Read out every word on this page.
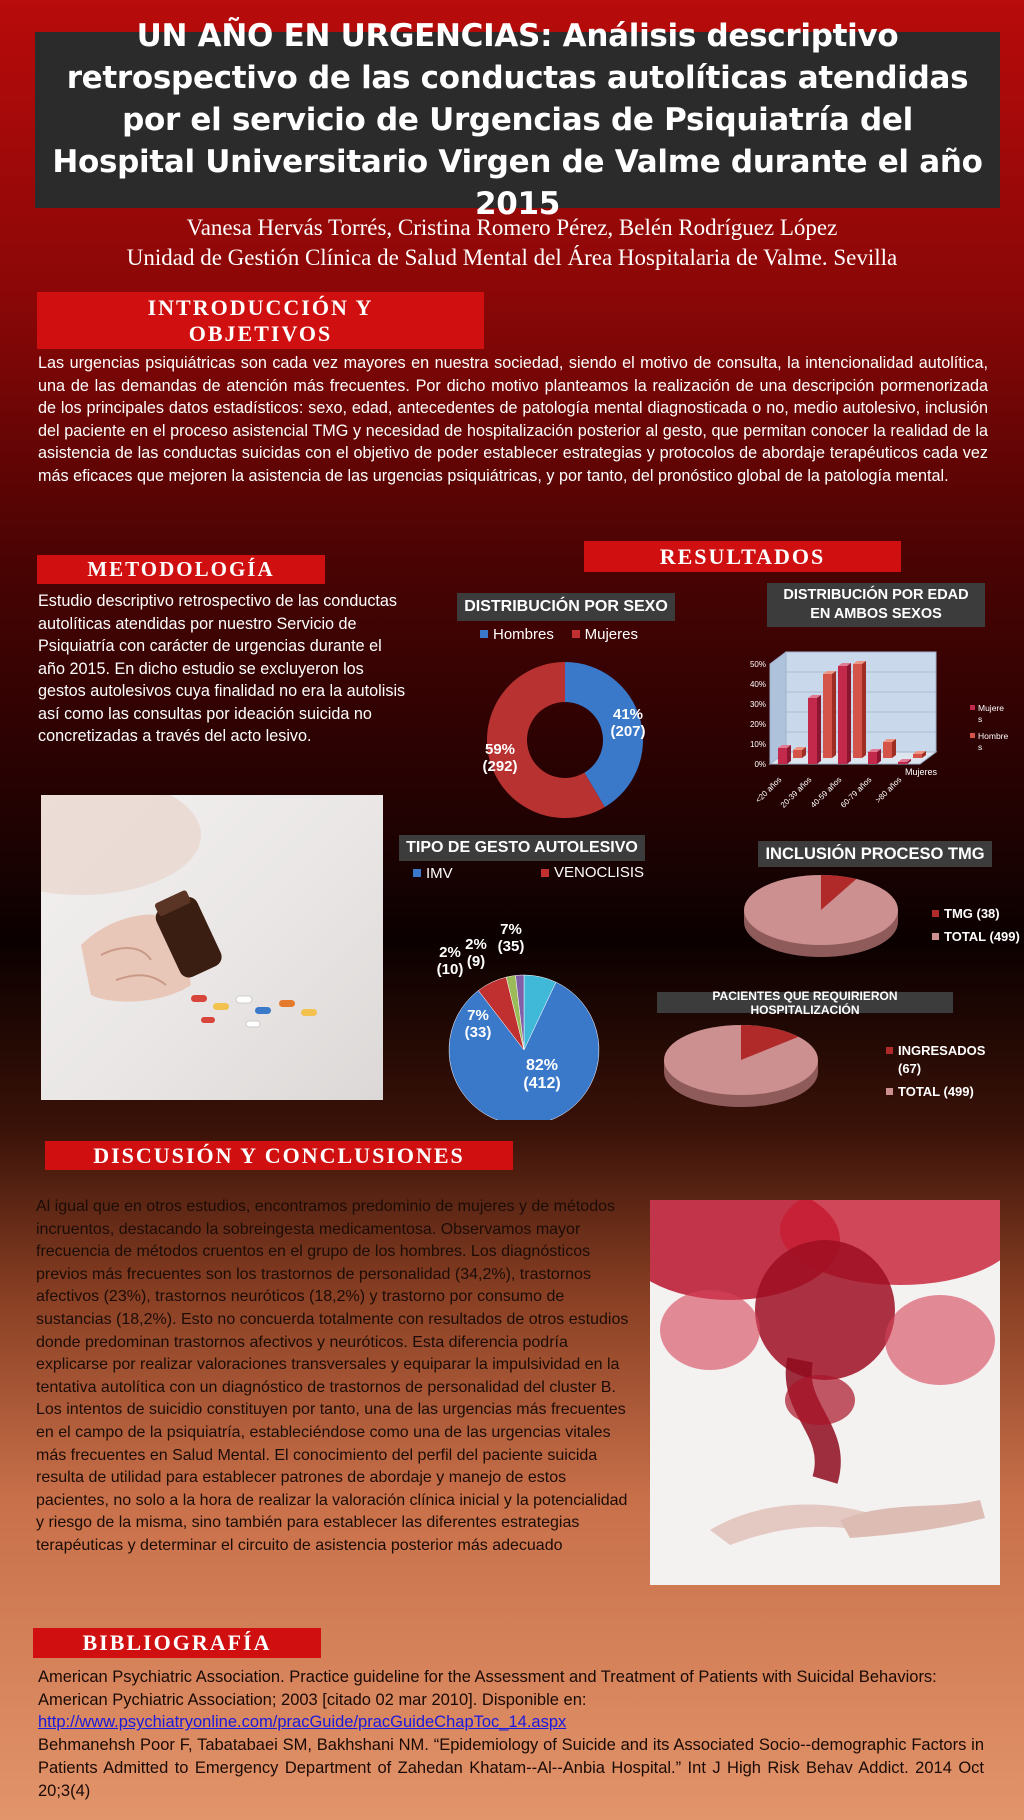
UN AÑO EN URGENCIAS: Análisis descriptivo retrospectivo de las conductas autolíticas atendidas por el servicio de Urgencias de Psiquiatría del Hospital Universitario Virgen de Valme durante el año 2015
Vanesa Hervás Torrés, Cristina Romero Pérez, Belén Rodríguez López
Unidad de Gestión Clínica de Salud Mental del Área Hospitalaria de Valme. Sevilla
INTRODUCCIÓN Y OBJETIVOS
Las urgencias psiquiátricas son cada vez mayores en nuestra sociedad, siendo el motivo de consulta, la intencionalidad autolítica, una de las demandas de atención más frecuentes. Por dicho motivo planteamos la realización de una descripción pormenorizada de los principales datos estadísticos: sexo, edad, antecedentes de patología mental diagnosticada o no, medio autolesivo, inclusión del paciente en el proceso asistencial TMG y necesidad de hospitalización posterior al gesto, que permitan conocer la realidad de la asistencia de las conductas suicidas con el objetivo de poder establecer estrategias y protocolos de abordaje terapéuticos cada vez más eficaces que mejoren la asistencia de las urgencias psiquiátricas, y por tanto, del pronóstico global de la patología mental.
METODOLOGÍA
Estudio descriptivo retrospectivo de las conductas autolíticas atendidas por nuestro Servicio de Psiquiatría con carácter de urgencias durante el año 2015. En dicho estudio se excluyeron los gestos autolesivos cuya finalidad no era la autolisis así como las consultas por ideación suicida no concretizadas a través del acto lesivo.
RESULTADOS
DISTRIBUCIÓN POR SEXO
Hombres
Mujeres
41% (207)
59% (292)
DISTRIBUCIÓN POR EDAD EN AMBOS SEXOS
0%
10%
20%
30%
40%
50%
<20 años
20-39 años
40-59 años
60-79 años >80 años
Mujeres
Mujere s
Hombre s
TIPO DE GESTO AUTOLESIVO
IMV	VENOCLISIS
82% (412)
7% (33)
2% (10)
2% (9)
7% (35)
INCLUSIÓN PROCESO TMG
TMG (38)
TOTAL (499)
PACIENTES QUE REQUIRIERON HOSPITALIZACIÓN
INGRESADOS (67)
TOTAL (499)
DISCUSIÓN Y CONCLUSIONES
Al igual que en otros estudios, encontramos predominio de mujeres y de métodos incruentos, destacando la sobreingesta medicamentosa. Observamos mayor frecuencia de métodos cruentos en el grupo de los hombres. Los diagnósticos previos más frecuentes son los trastornos de personalidad (34,2%), trastornos afectivos (23%), trastornos neuróticos (18,2%) y trastorno por consumo de sustancias (18,2%). Esto no concuerda totalmente con resultados de otros estudios donde predominan trastornos afectivos y neuróticos. Esta diferencia podría explicarse por realizar valoraciones transversales y equiparar la impulsividad en la tentativa autolítica con un diagnóstico de trastornos de personalidad del cluster B. Los intentos de suicidio constituyen por tanto, una de las urgencias más frecuentes en el campo de la psiquiatría, estableciéndose como una de las urgencias vitales más frecuentes en Salud Mental. El conocimiento del perfil del paciente suicida resulta de utilidad para establecer patrones de abordaje y manejo de estos pacientes, no solo a la hora de realizar la valoración clínica inicial y la potencialidad y riesgo de la misma, sino también para establecer las diferentes estrategias terapéuticas y determinar el circuito de asistencia posterior más adecuado
BIBLIOGRAFÍA
American Psychiatric Association. Practice guideline for the Assessment and Treatment of Patients with Suicidal Behaviors: American Pychiatric Association; 2003 [citado 02 mar 2010]. Disponible en:
http://www.psychiatryonline.com/pracGuide/pracGuideChapToc_14.aspx
Behmanehsh Poor F, Tabatabaei SM, Bakhshani NM. “Epidemiology of Suicide and its Associated Socio--demographic Factors in Patients Admitted to Emergency Department of Zahedan Khatam--Al--Anbia Hospital.” Int J High Risk Behav Addict. 2014 Oct 20;3(4)
